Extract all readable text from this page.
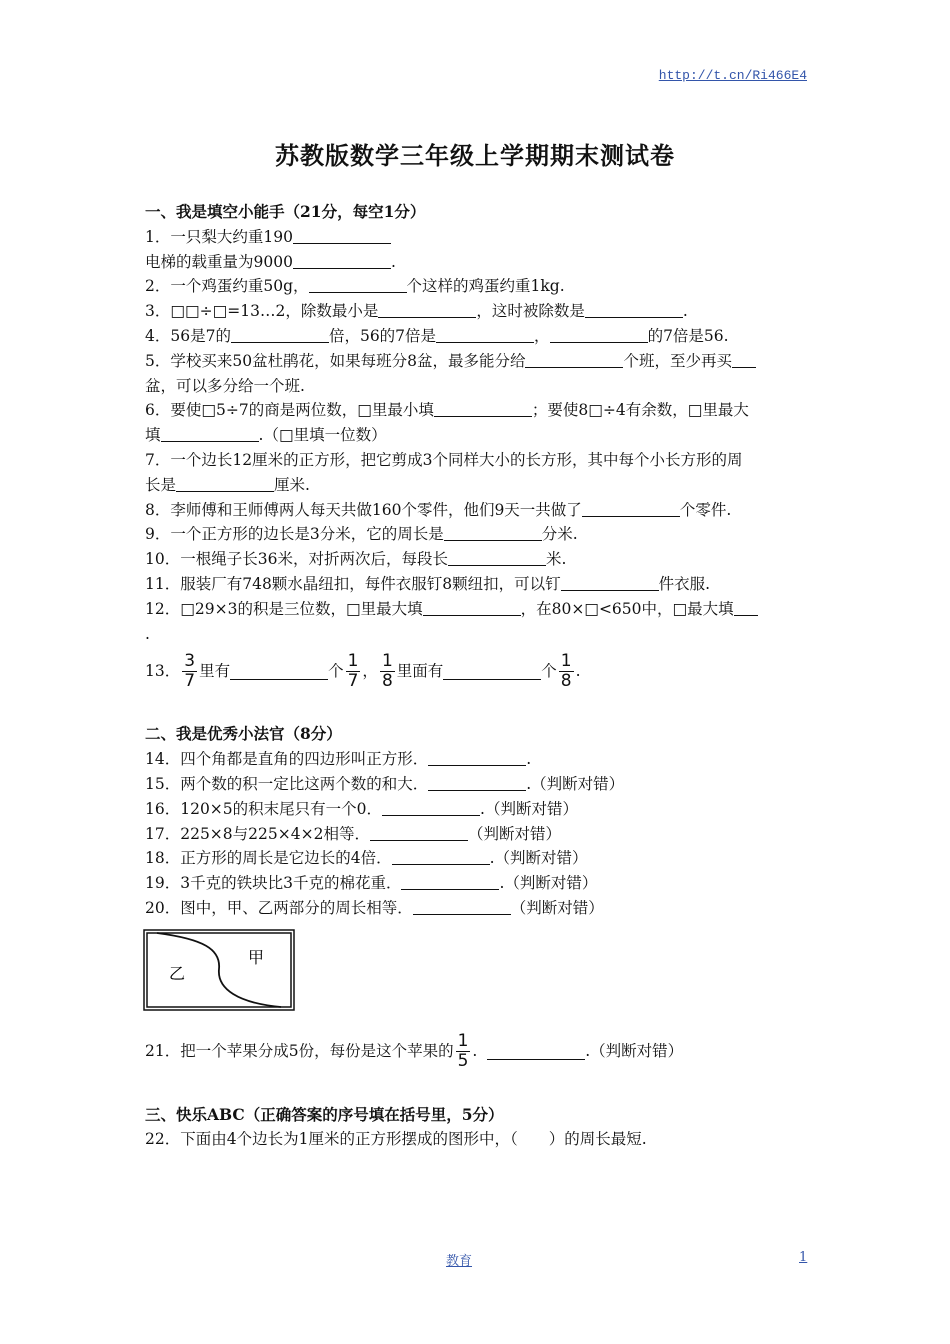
http://t.cn/Ri466E4
苏教版数学三年级上学期期末测试卷
一、我是填空小能手（21分，每空1分）
1．一只梨大约重190
电梯的载重量为9000	.
2．一个鸡蛋约重50g，	个这样的鸡蛋约重1kg.
3．□□÷□=13…2，除数最小是	，这时被除数是	.
4．56是7的	倍，56的7倍是	，	的7倍是56.
5．学校买来50盆杜鹃花，如果每班分8盆，最多能分给	个班，至少再买
盆，可以多分给一个班.
6．要使□5÷7的商是两位数，□里最小填	；要使8□÷4有余数，□里最大
填	.（□里填一位数）
7．一个边长12厘米的正方形，把它剪成3个同样大小的长方形，其中每个小长方形的周
长是	厘米.
8．李师傅和王师傅两人每天共做160个零件，他们9天一共做了	个零件.
9．一个正方形的边长是3分米，它的周长是	分米.
10．一根绳子长36米，对折两次后，每段长	米.
11．服装厂有748颗水晶纽扣，每件衣服钉8颗纽扣，可以钉	件衣服.
12．□29×3的积是三位数，□里最大填	，在80×□<650中，□最大填
.
13． $\frac{3}{7}$ 里有	个 $\frac{1}{7}$ ， $\frac{1}{8}$ 里面有	个 $\frac{1}{8}$ .
二、我是优秀小法官（8分）
14．四个角都是直角的四边形叫正方形．	.
15．两个数的积一定比这两个数的和大．	.（判断对错）
16．120×5的积末尾只有一个0．	.（判断对错）
17．225×8与225×4×2相等．	（判断对错）
18．正方形的周长是它边长的4倍．	.（判断对错）
19．3千克的铁块比3千克的棉花重．	.（判断对错）
20．图中，甲、乙两部分的周长相等．	（判断对错）
甲
乙
21．把一个苹果分成5份，每份是这个苹果的 $\frac{1}{5}$ .
	. （判断对错）
三、快乐ABC（正确答案的序号填在括号里，5分）
22．下面由4个边长为1厘米的正方形摆成的图形中，（　　）的周长最短.
教育	1
